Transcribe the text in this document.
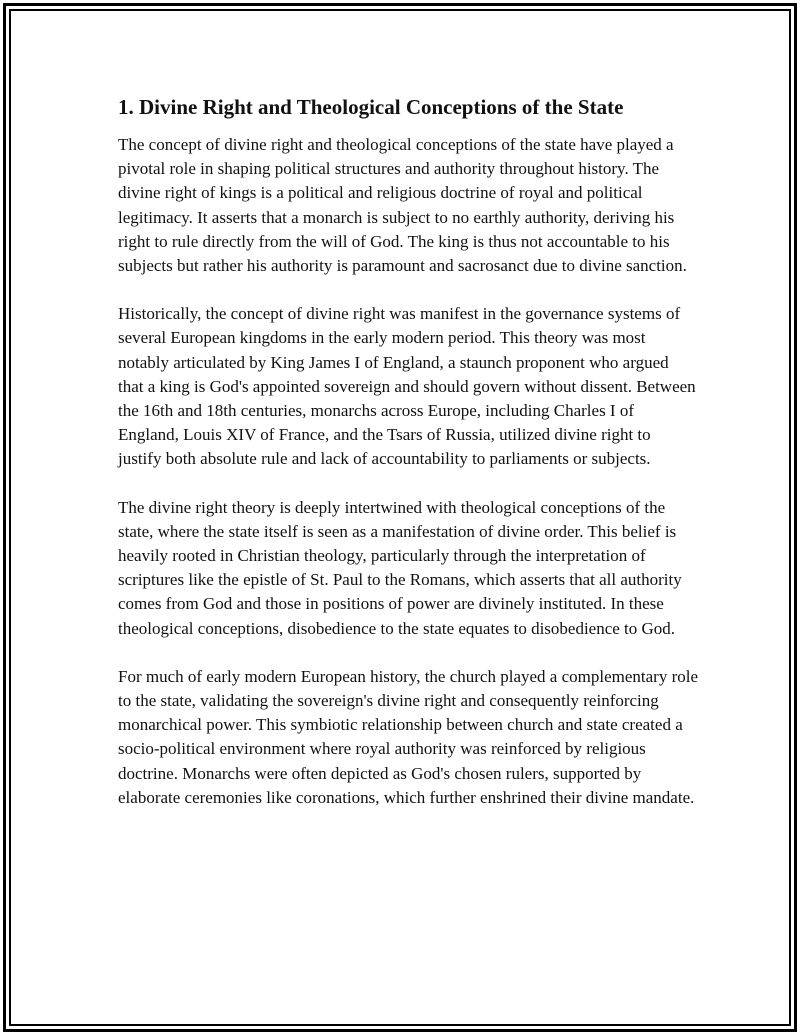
1. Divine Right and Theological Conceptions of the State

The concept of divine right and theological conceptions of the state have played a pivotal role in shaping political structures and authority throughout history. The divine right of kings is a political and religious doctrine of royal and political legitimacy. It asserts that a monarch is subject to no earthly authority, deriving his right to rule directly from the will of God. The king is thus not accountable to his subjects but rather his authority is paramount and sacrosanct due to divine sanction.

Historically, the concept of divine right was manifest in the governance systems of several European kingdoms in the early modern period. This theory was most notably articulated by King James I of England, a staunch proponent who argued that a king is God's appointed sovereign and should govern without dissent. Between the 16th and 18th centuries, monarchs across Europe, including Charles I of England, Louis XIV of France, and the Tsars of Russia, utilized divine right to justify both absolute rule and lack of accountability to parliaments or subjects.

The divine right theory is deeply intertwined with theological conceptions of the state, where the state itself is seen as a manifestation of divine order. This belief is heavily rooted in Christian theology, particularly through the interpretation of scriptures like the epistle of St. Paul to the Romans, which asserts that all authority comes from God and those in positions of power are divinely instituted. In these theological conceptions, disobedience to the state equates to disobedience to God.

For much of early modern European history, the church played a complementary role to the state, validating the sovereign's divine right and consequently reinforcing monarchical power. This symbiotic relationship between church and state created a socio-political environment where royal authority was reinforced by religious doctrine. Monarchs were often depicted as God's chosen rulers, supported by elaborate ceremonies like coronations, which further enshrined their divine mandate.
